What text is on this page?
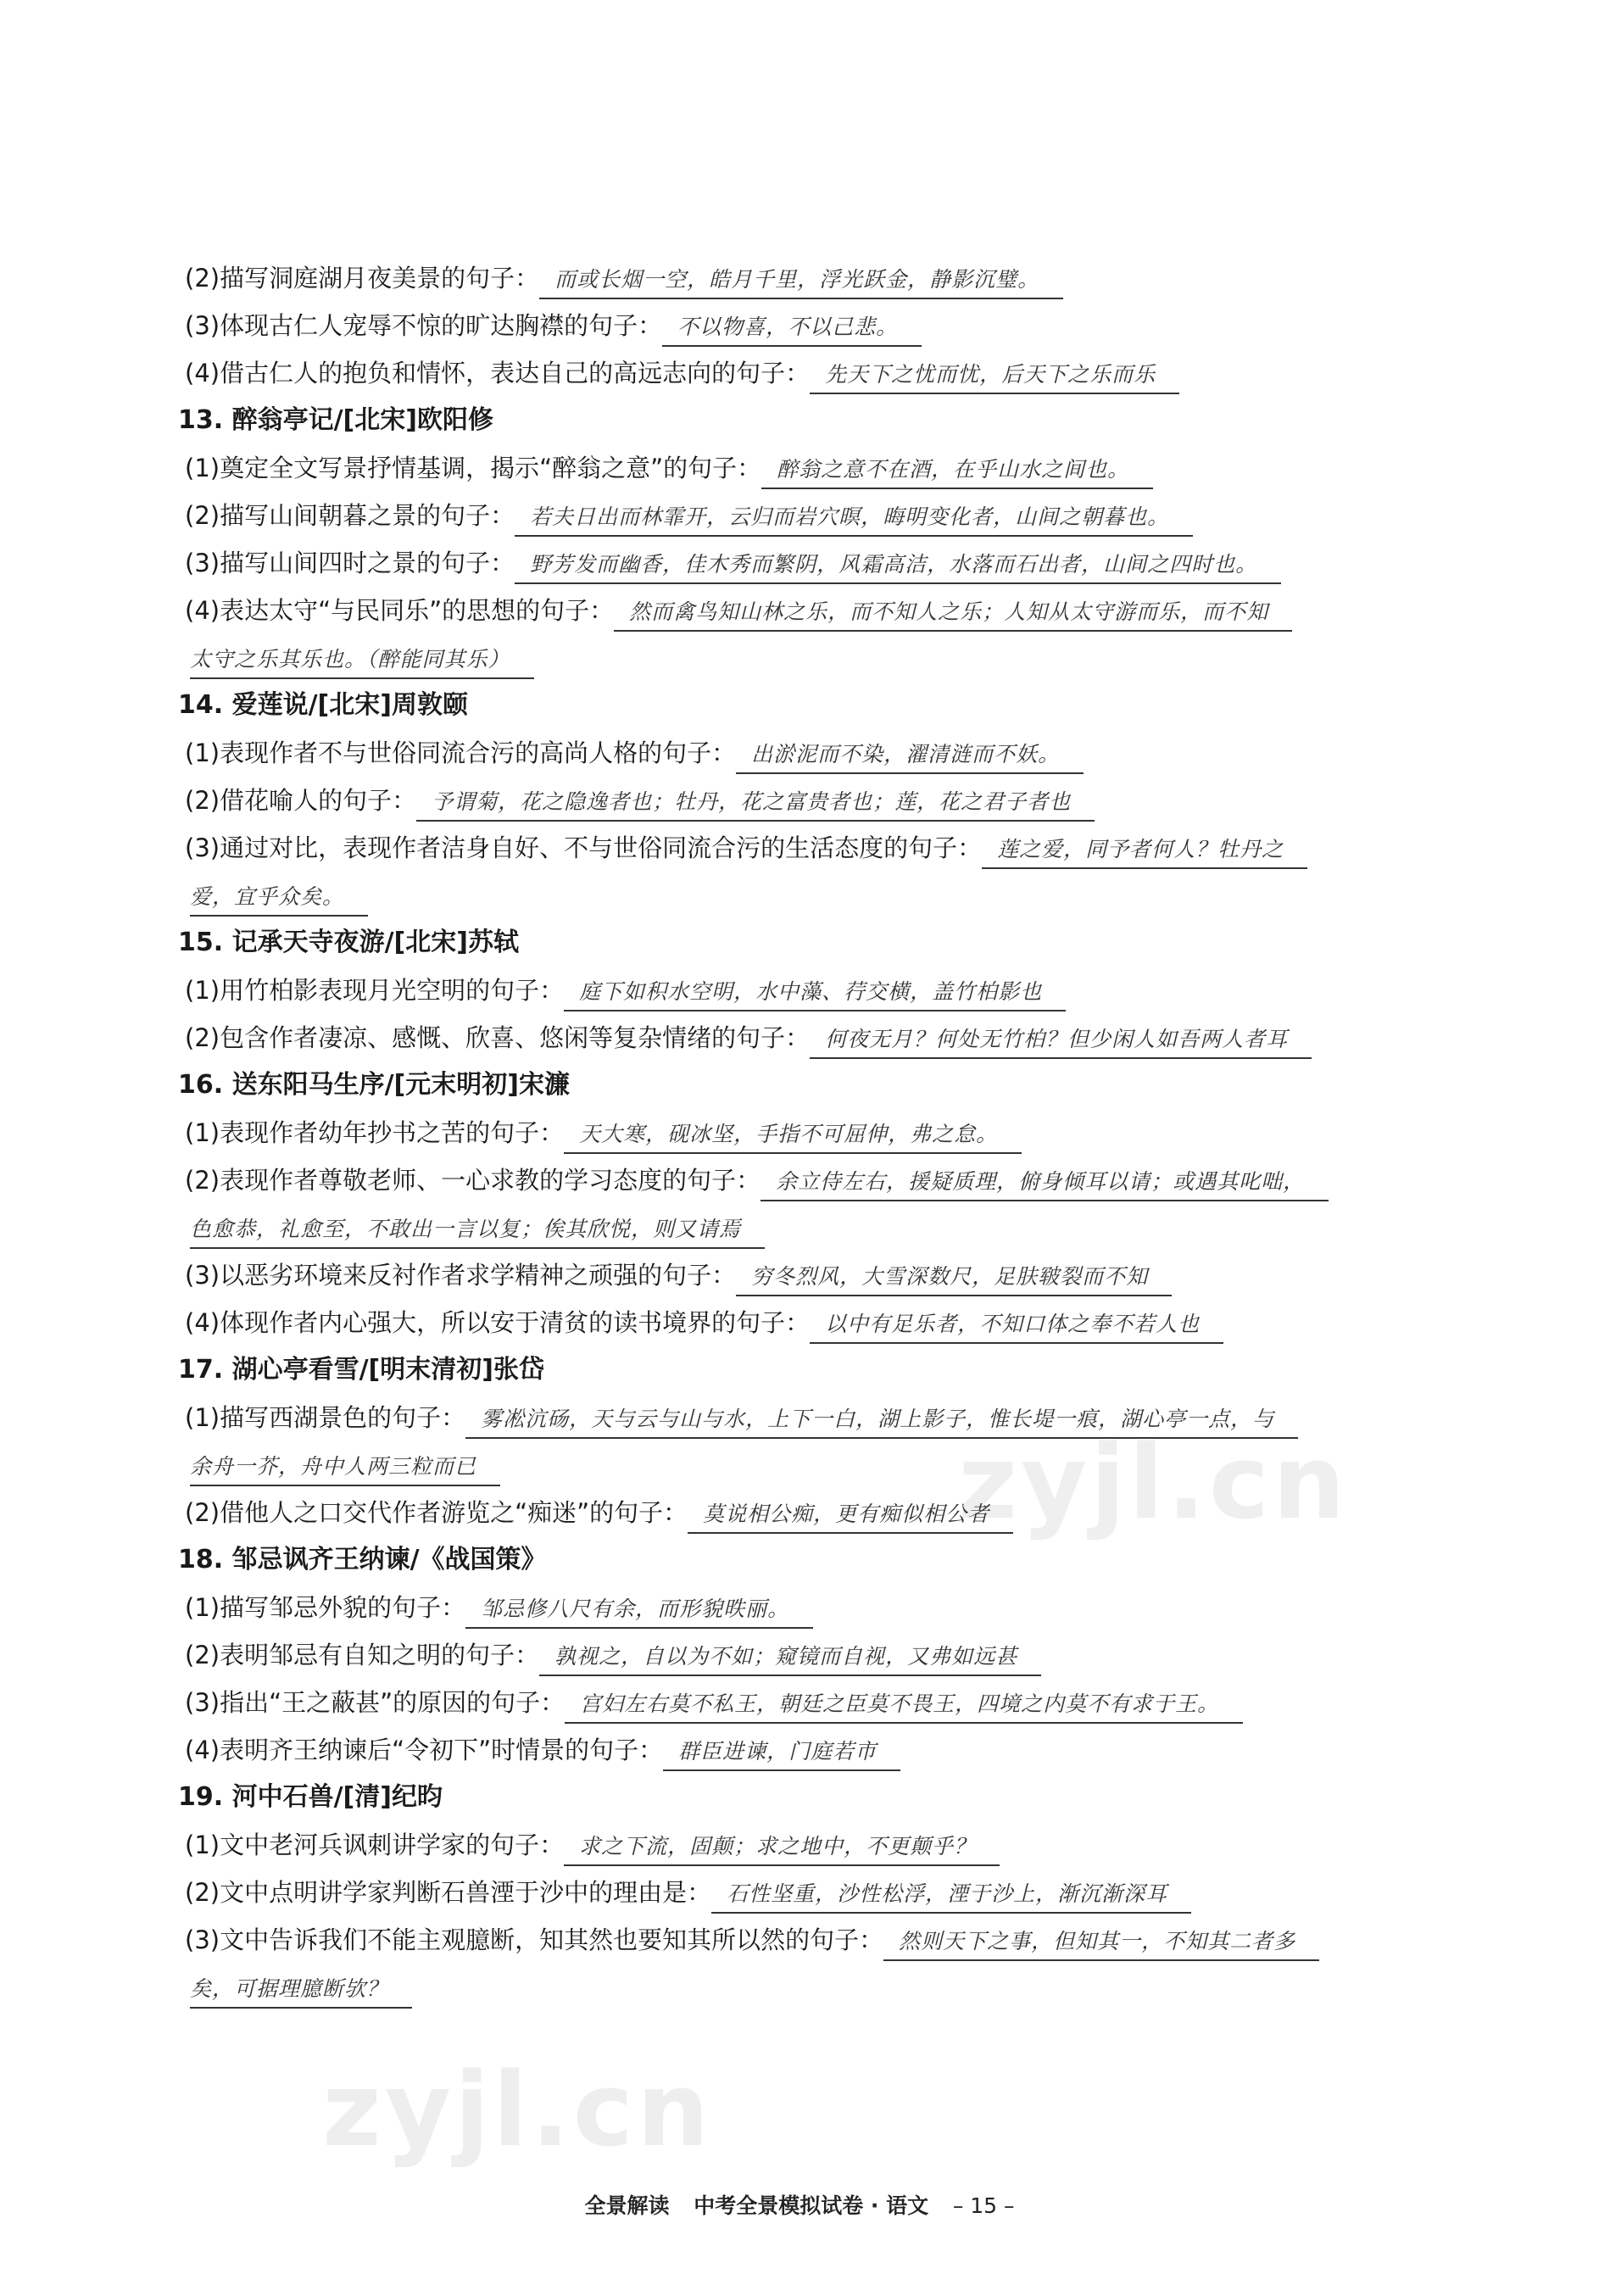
zyjl.cn
zyjl.cn
(2)描写洞庭湖月夜美景的句子： 而或长烟一空，皓月千里，浮光跃金，静影沉璧。
(3)体现古仁人宠辱不惊的旷达胸襟的句子： 不以物喜，不以己悲。
(4)借古仁人的抱负和情怀，表达自己的高远志向的句子： 先天下之忧而忧，后天下之乐而乐
13. 醉翁亭记/[北宋]欧阳修
(1)奠定全文写景抒情基调，揭示“醉翁之意”的句子： 醉翁之意不在酒，在乎山水之间也。
(2)描写山间朝暮之景的句子： 若夫日出而林霏开，云归而岩穴暝，晦明变化者，山间之朝暮也。
(3)描写山间四时之景的句子： 野芳发而幽香，佳木秀而繁阴，风霜高洁，水落而石出者，山间之四时也。
(4)表达太守“与民同乐”的思想的句子： 然而禽鸟知山林之乐，而不知人之乐；人知从太守游而乐，而不知
太守之乐其乐也。（醉能同其乐）
14. 爱莲说/[北宋]周敦颐
(1)表现作者不与世俗同流合污的高尚人格的句子： 出淤泥而不染，濯清涟而不妖。
(2)借花喻人的句子： 予谓菊，花之隐逸者也；牡丹，花之富贵者也；莲，花之君子者也
(3)通过对比，表现作者洁身自好、不与世俗同流合污的生活态度的句子： 莲之爱，同予者何人？牡丹之
爱，宜乎众矣。
15. 记承天寺夜游/[北宋]苏轼
(1)用竹柏影表现月光空明的句子： 庭下如积水空明，水中藻、荇交横，盖竹柏影也
(2)包含作者凄凉、感慨、欣喜、悠闲等复杂情绪的句子： 何夜无月？何处无竹柏？但少闲人如吾两人者耳
16. 送东阳马生序/[元末明初]宋濂
(1)表现作者幼年抄书之苦的句子： 天大寒，砚冰坚，手指不可屈伸，弗之怠。
(2)表现作者尊敬老师、一心求教的学习态度的句子： 余立侍左右，援疑质理，俯身倾耳以请；或遇其叱咄，
色愈恭，礼愈至，不敢出一言以复；俟其欣悦，则又请焉
(3)以恶劣环境来反衬作者求学精神之顽强的句子： 穷冬烈风，大雪深数尺，足肤皲裂而不知
(4)体现作者内心强大，所以安于清贫的读书境界的句子： 以中有足乐者，不知口体之奉不若人也
17. 湖心亭看雪/[明末清初]张岱
(1)描写西湖景色的句子： 雾凇沆砀，天与云与山与水，上下一白，湖上影子，惟长堤一痕，湖心亭一点，与
余舟一芥，舟中人两三粒而已
(2)借他人之口交代作者游览之“痴迷”的句子： 莫说相公痴，更有痴似相公者
18. 邹忌讽齐王纳谏/《战国策》
(1)描写邹忌外貌的句子： 邹忌修八尺有余，而形貌昳丽。
(2)表明邹忌有自知之明的句子： 孰视之，自以为不如；窥镜而自视，又弗如远甚
(3)指出“王之蔽甚”的原因的句子： 宫妇左右莫不私王，朝廷之臣莫不畏王，四境之内莫不有求于王。
(4)表明齐王纳谏后“令初下”时情景的句子： 群臣进谏，门庭若市
19. 河中石兽/[清]纪昀
(1)文中老河兵讽刺讲学家的句子： 求之下流，固颠；求之地中，不更颠乎？
(2)文中点明讲学家判断石兽湮于沙中的理由是： 石性坚重，沙性松浮，湮于沙上，渐沉渐深耳
(3)文中告诉我们不能主观臆断，知其然也要知其所以然的句子： 然则天下之事，但知其一，不知其二者多
矣，可据理臆断欤？
全景解读 中考全景模拟试卷 · 语文 – 15 –
